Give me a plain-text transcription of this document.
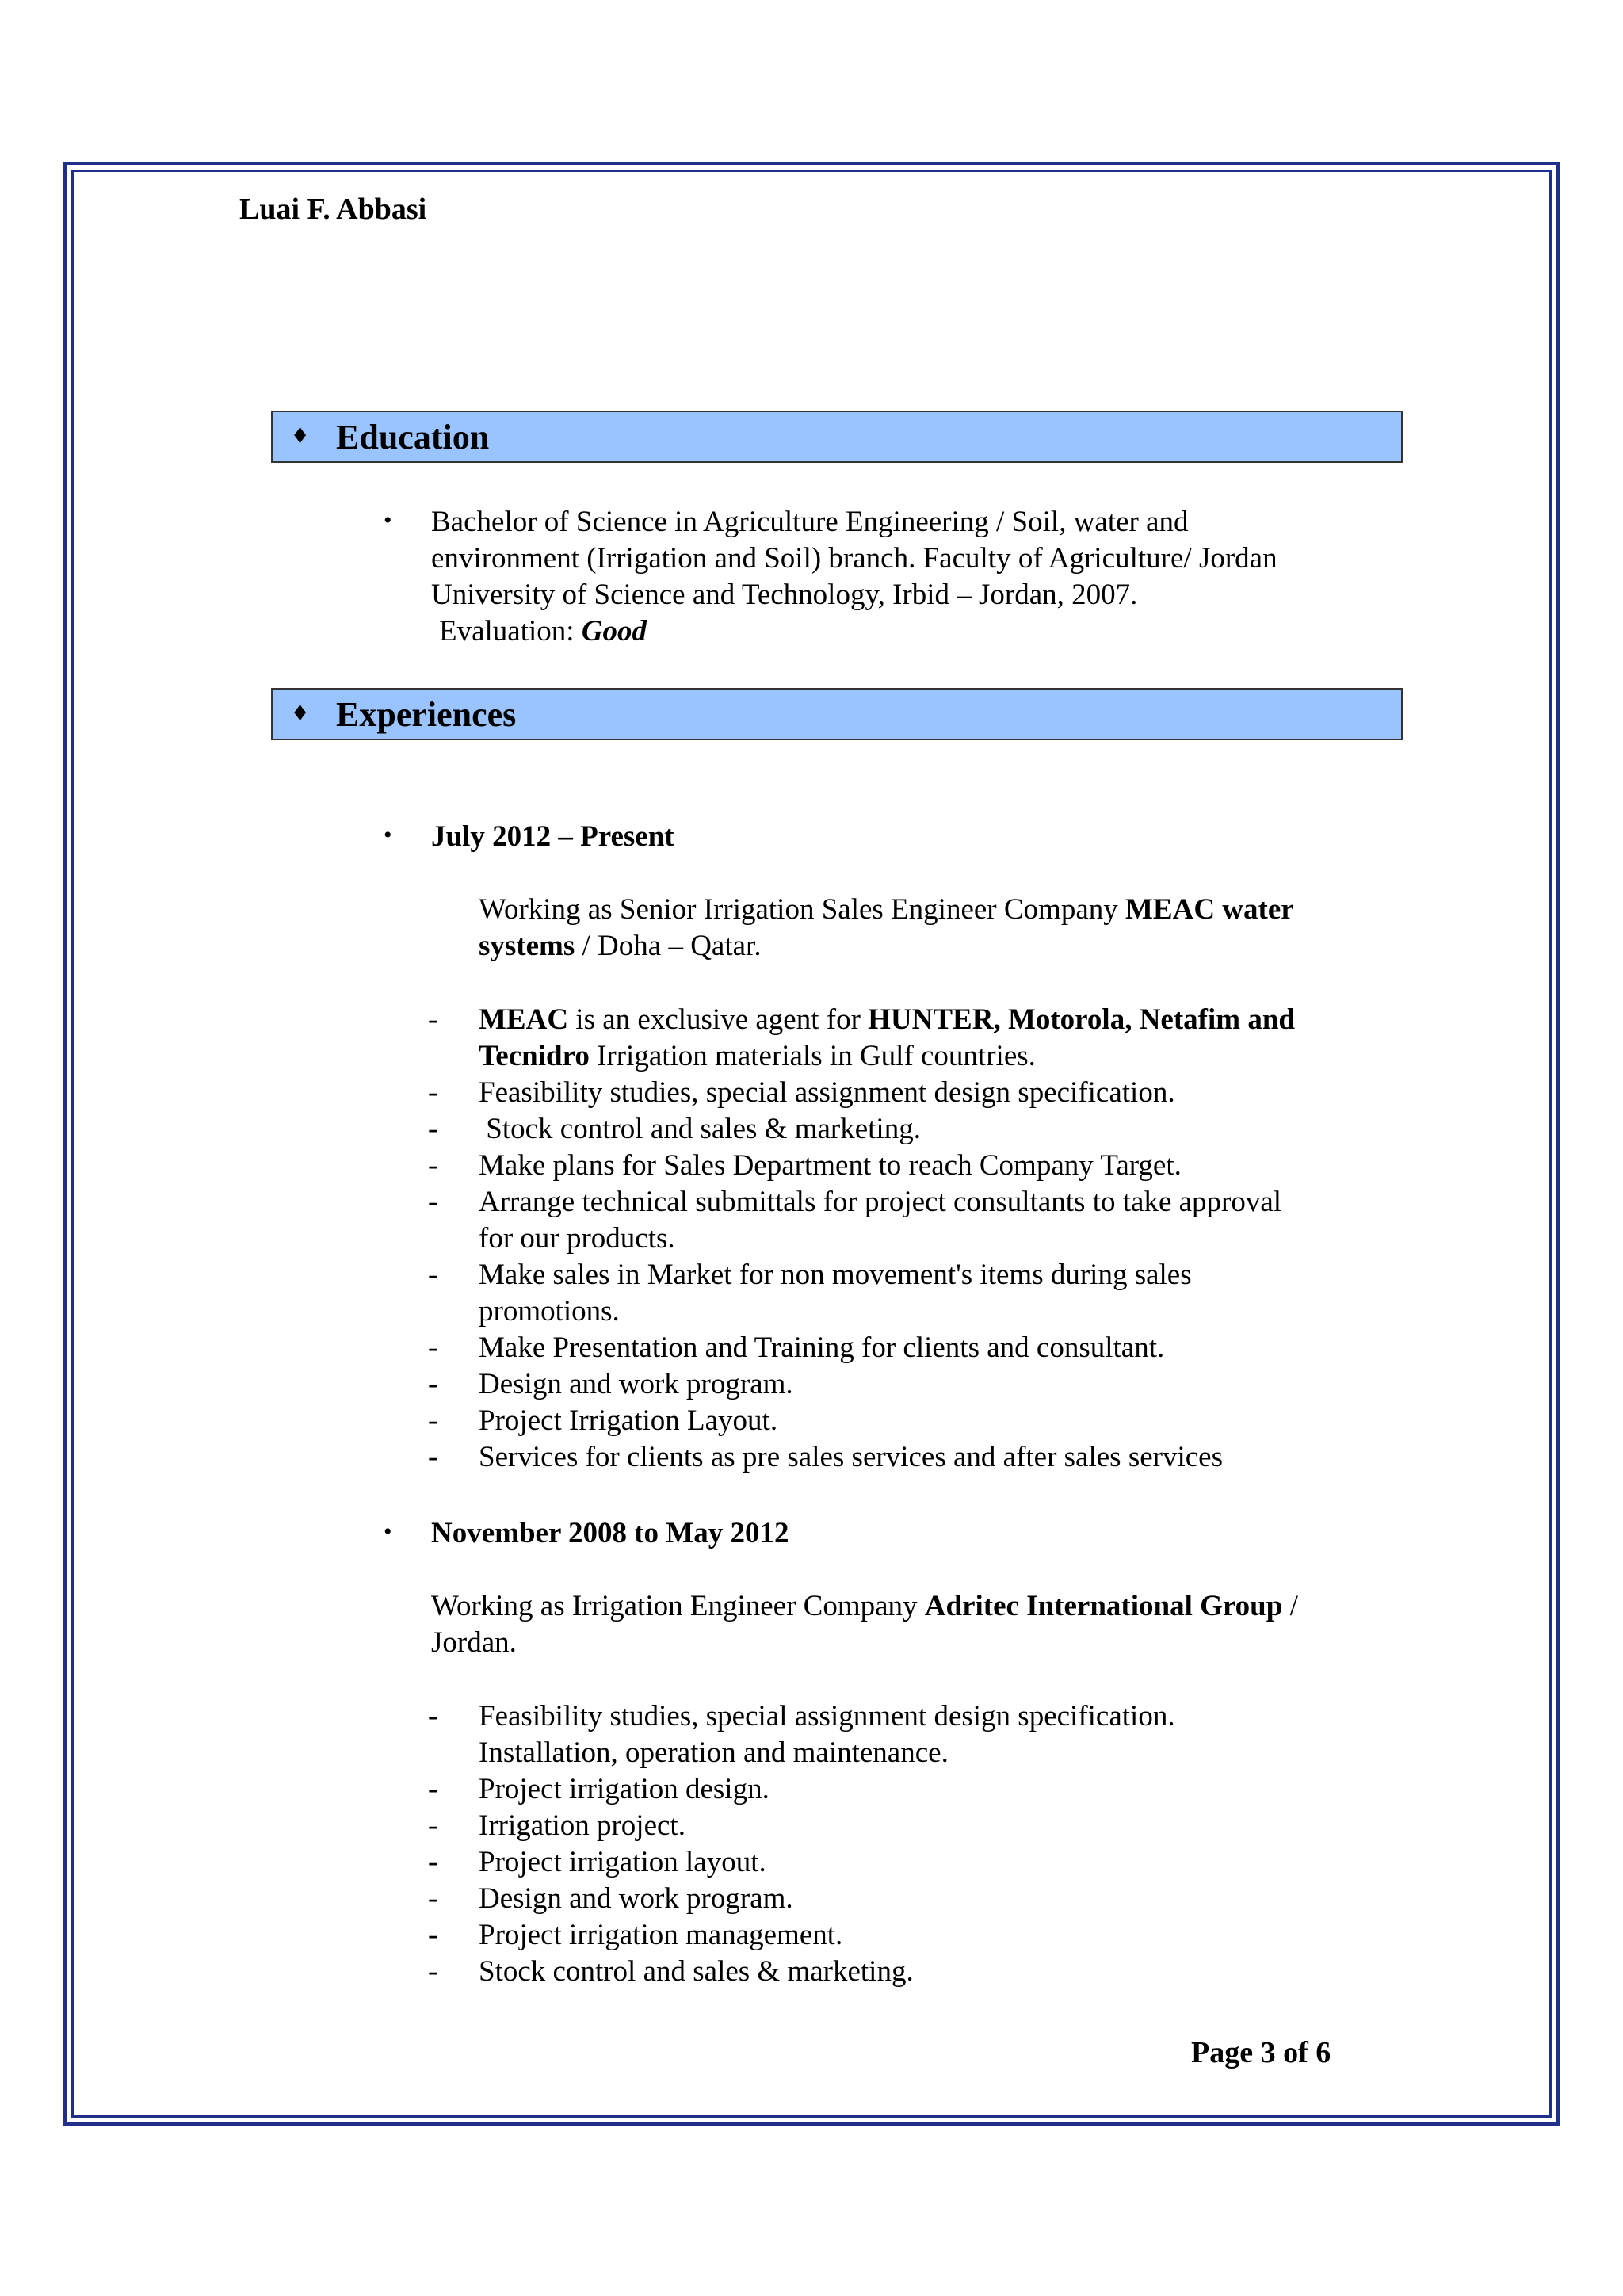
Luai F. Abbasi
♦ Education
• Bachelor of Science in Agriculture Engineering / Soil, water and
environment (Irrigation and Soil) branch. Faculty of Agriculture/ Jordan
University of Science and Technology, Irbid – Jordan, 2007.
Evaluation: Good
♦ Experiences
• July 2012 – Present
Working as Senior Irrigation Sales Engineer Company MEAC water
systems / Doha – Qatar.
- MEAC is an exclusive agent for HUNTER, Motorola, Netafim and
Tecnidro Irrigation materials in Gulf countries.
- Feasibility studies, special assignment design specification.
- Stock control and sales & marketing.
- Make plans for Sales Department to reach Company Target.
- Arrange technical submittals for project consultants to take approval
for our products.
- Make sales in Market for non movement's items during sales
promotions.
- Make Presentation and Training for clients and consultant.
- Design and work program.
- Project Irrigation Layout.
- Services for clients as pre sales services and after sales services
• November 2008 to May 2012
Working as Irrigation Engineer Company Adritec International Group /
Jordan.
- Feasibility studies, special assignment design specification.
Installation, operation and maintenance.
- Project irrigation design.
- Irrigation project.
- Project irrigation layout.
- Design and work program.
- Project irrigation management.
- Stock control and sales & marketing.
Page 3 of 6
